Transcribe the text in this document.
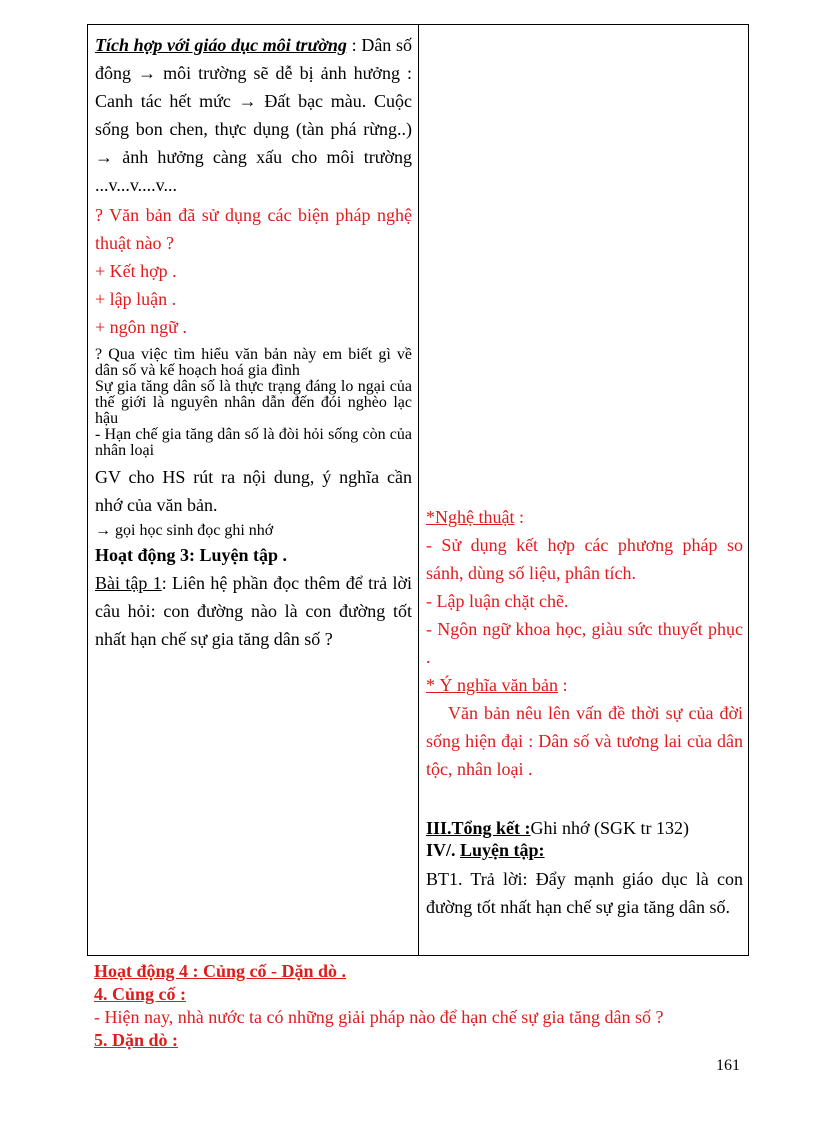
Tích hợp với giáo dục môi trường : Dân số đông → môi trường sẽ dễ bị ảnh hưởng : Canh tác hết mức → Đất bạc màu. Cuộc sống bon chen, thực dụng (tàn phá rừng..) → ảnh hưởng càng xấu cho môi trường ...v...v....v...

? Văn bản đã sử dụng các biện pháp nghệ thuật nào ?

+ Kết hợp .

+ lập luận .

+ ngôn ngữ .

? Qua việc tìm hiểu văn bản này em biết gì về dân số và kế hoạch hoá gia đình

Sự gia tăng dân số là thực trạng đáng lo ngại của thế giới là nguyên nhân dẫn đến đói nghèo lạc hậu

- Hạn chế gia tăng dân số là đòi hỏi sống còn của nhân loại

GV cho HS rút ra nội dung, ý nghĩa cần nhớ của văn bản.

→ gọi học sinh đọc ghi nhớ

Hoạt động 3: Luyện tập .

Bài tập 1: Liên hệ phần đọc thêm để trả lời câu hỏi: con đường nào là con đường tốt nhất hạn chế sự gia tăng dân số ?

*Nghệ thuật :

- Sử dụng kết hợp các phương pháp so sánh, dùng số liệu, phân tích.

- Lập luận chặt chẽ.

- Ngôn ngữ khoa học, giàu sức thuyết phục .

* Ý nghĩa văn bản :

Văn bản nêu lên vấn đề thời sự của đời sống hiện đại : Dân số và tương lai của dân tộc, nhân loại .

III.Tổng kết :Ghi nhớ (SGK tr 132)

IV/. Luyện tập:

BT1. Trả lời: Đẩy mạnh giáo dục là con đường tốt nhất hạn chế sự gia tăng dân số.

Hoạt động 4 : Củng cố - Dặn dò .
4. Củng cố :
- Hiện nay, nhà nước ta có những giải pháp nào để hạn chế sự gia tăng dân số ?
5. Dặn dò :
161
